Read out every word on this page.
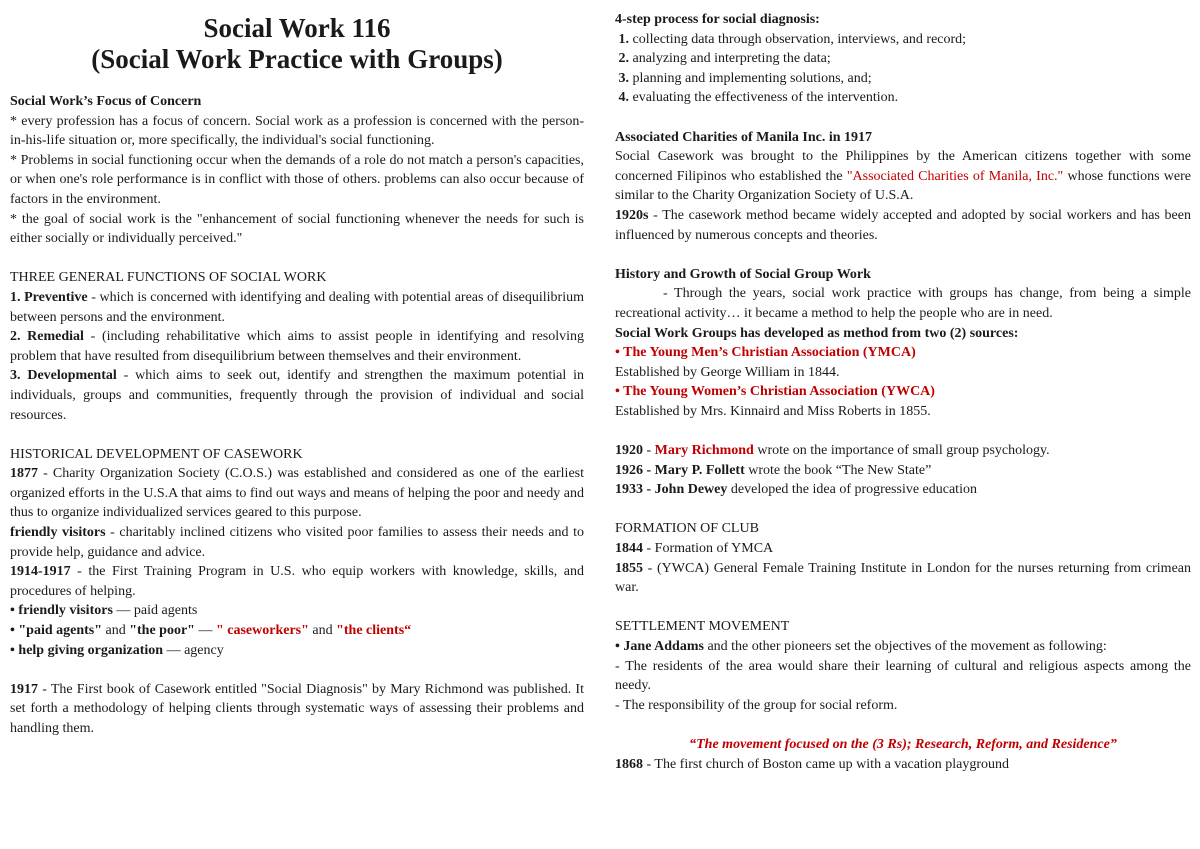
Social Work 116

(Social Work Practice with Groups)

Social Work’s Focus of Concern

* every profession has a focus of concern. Social work as a profession is concerned with the person-in-his-life situation or, more specifically, the individual's social functioning.

* Problems in social functioning occur when the demands of a role do not match a person's capacities, or when one's role performance is in conflict with those of others. problems can also occur because of factors in the environment.

* the goal of social work is the "enhancement of social functioning whenever the needs for such is either socially or individually perceived."

THREE GENERAL FUNCTIONS OF SOCIAL WORK

1. Preventive - which is concerned with identifying and dealing with potential areas of disequilibrium between persons and the environment.

2. Remedial - (including rehabilitative which aims to assist people in identifying and resolving problem that have resulted from disequilibrium between themselves and their environment.

3. Developmental - which aims to seek out, identify and strengthen the maximum potential in individuals, groups and communities, frequently through the provision of individual and social resources.

HISTORICAL DEVELOPMENT OF CASEWORK

1877 - Charity Organization Society (C.O.S.) was established and considered as one of the earliest organized efforts in the U.S.A that aims to find out ways and means of helping the poor and needy and thus to organize individualized services geared to this purpose.

friendly visitors - charitably inclined citizens who visited poor families to assess their needs and to provide help, guidance and advice.

1914-1917 - the First Training Program in U.S. who equip workers with knowledge, skills, and procedures of helping.

• friendly visitors — paid agents

• "paid agents" and "the poor" — " caseworkers" and "the clients“

• help giving organization — agency

1917 - The First book of Casework entitled "Social Diagnosis" by Mary Richmond was published. It set forth a methodology of helping clients through systematic ways of assessing their problems and handling them.

4-step process for social diagnosis:

1. collecting data through observation, interviews, and record;

2. analyzing and interpreting the data;

3. planning and implementing solutions, and;

4. evaluating the effectiveness of the intervention.

Associated Charities of Manila Inc. in 1917

Social Casework was brought to the Philippines by the American citizens together with some concerned Filipinos who established the "Associated Charities of Manila, Inc." whose functions were similar to the Charity Organization Society of U.S.A.

1920s - The casework method became widely accepted and adopted by social workers and has been influenced by numerous concepts and theories.

History and Growth of Social Group Work

- Through the years, social work practice with groups has change, from being a simple recreational activity… it became a method to help the people who are in need.

Social Work Groups has developed as method from two (2) sources:

• The Young Men’s Christian Association (YMCA)

Established by George William in 1844.

• The Young Women’s Christian Association (YWCA)

Established by Mrs. Kinnaird and Miss Roberts in 1855.

1920 - Mary Richmond wrote on the importance of small group psychology.

1926 - Mary P. Follett wrote the book “The New State”

1933 - John Dewey developed the idea of progressive education

FORMATION OF CLUB

1844 - Formation of YMCA

1855 - (YWCA) General Female Training Institute in London for the nurses returning from crimean war.

SETTLEMENT MOVEMENT

• Jane Addams and the other pioneers set the objectives of the movement as following:

- The residents of the area would share their learning of cultural and religious aspects among the needy.

- The responsibility of the group for social reform.

“The movement focused on the (3 Rs); Research, Reform, and Residence”

1868 - The first church of Boston came up with a vacation playground
